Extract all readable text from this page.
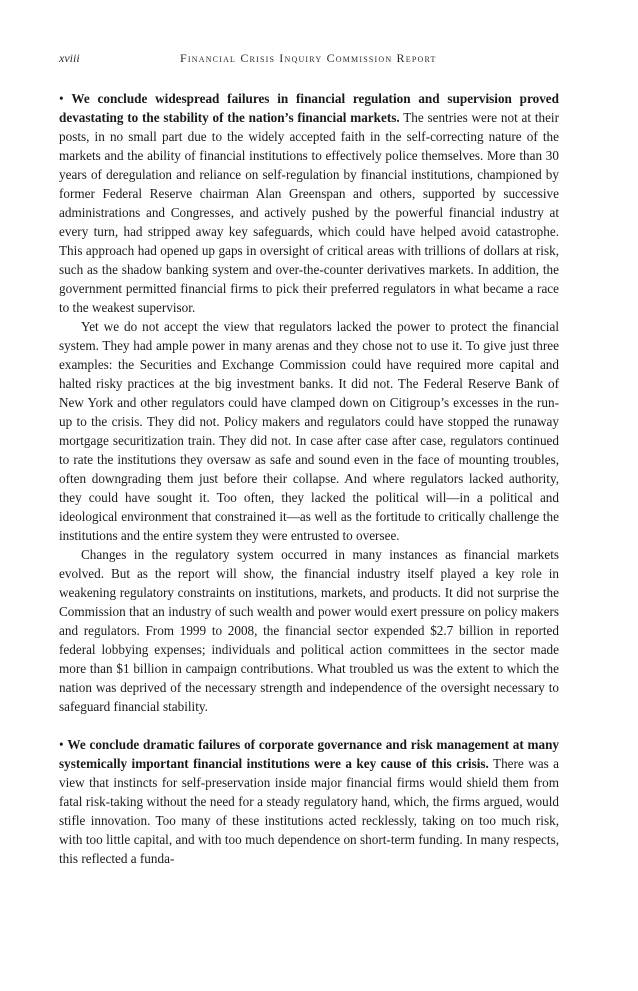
xviii	Financial Crisis Inquiry Commission Report

• We conclude widespread failures in financial regulation and supervision proved devastating to the stability of the nation’s financial markets. The sentries were not at their posts, in no small part due to the widely accepted faith in the self-correcting nature of the markets and the ability of financial institutions to effectively police themselves. More than 30 years of deregulation and reliance on self-regulation by financial institutions, championed by former Federal Reserve chairman Alan Greenspan and others, supported by successive administrations and Congresses, and actively pushed by the powerful financial industry at every turn, had stripped away key safeguards, which could have helped avoid catastrophe. This approach had opened up gaps in oversight of critical areas with trillions of dollars at risk, such as the shadow banking system and over-the-counter derivatives markets. In addition, the government permitted financial firms to pick their preferred regulators in what became a race to the weakest supervisor.

Yet we do not accept the view that regulators lacked the power to protect the financial system. They had ample power in many arenas and they chose not to use it. To give just three examples: the Securities and Exchange Commission could have required more capital and halted risky practices at the big investment banks. It did not. The Federal Reserve Bank of New York and other regulators could have clamped down on Citigroup’s excesses in the run-up to the crisis. They did not. Policy makers and regulators could have stopped the runaway mortgage securitization train. They did not. In case after case after case, regulators continued to rate the institutions they oversaw as safe and sound even in the face of mounting troubles, often downgrading them just before their collapse. And where regulators lacked authority, they could have sought it. Too often, they lacked the political will—in a political and ideological environment that constrained it—as well as the fortitude to critically challenge the institutions and the entire system they were entrusted to oversee.

Changes in the regulatory system occurred in many instances as financial markets evolved. But as the report will show, the financial industry itself played a key role in weakening regulatory constraints on institutions, markets, and products. It did not surprise the Commission that an industry of such wealth and power would exert pressure on policy makers and regulators. From 1999 to 2008, the financial sector expended $2.7 billion in reported federal lobbying expenses; individuals and political action committees in the sector made more than $1 billion in campaign contributions. What troubled us was the extent to which the nation was deprived of the necessary strength and independence of the oversight necessary to safeguard financial stability.

• We conclude dramatic failures of corporate governance and risk management at many systemically important financial institutions were a key cause of this crisis. There was a view that instincts for self-preservation inside major financial firms would shield them from fatal risk-taking without the need for a steady regulatory hand, which, the firms argued, would stifle innovation. Too many of these institutions acted recklessly, taking on too much risk, with too little capital, and with too much dependence on short-term funding. In many respects, this reflected a funda-
